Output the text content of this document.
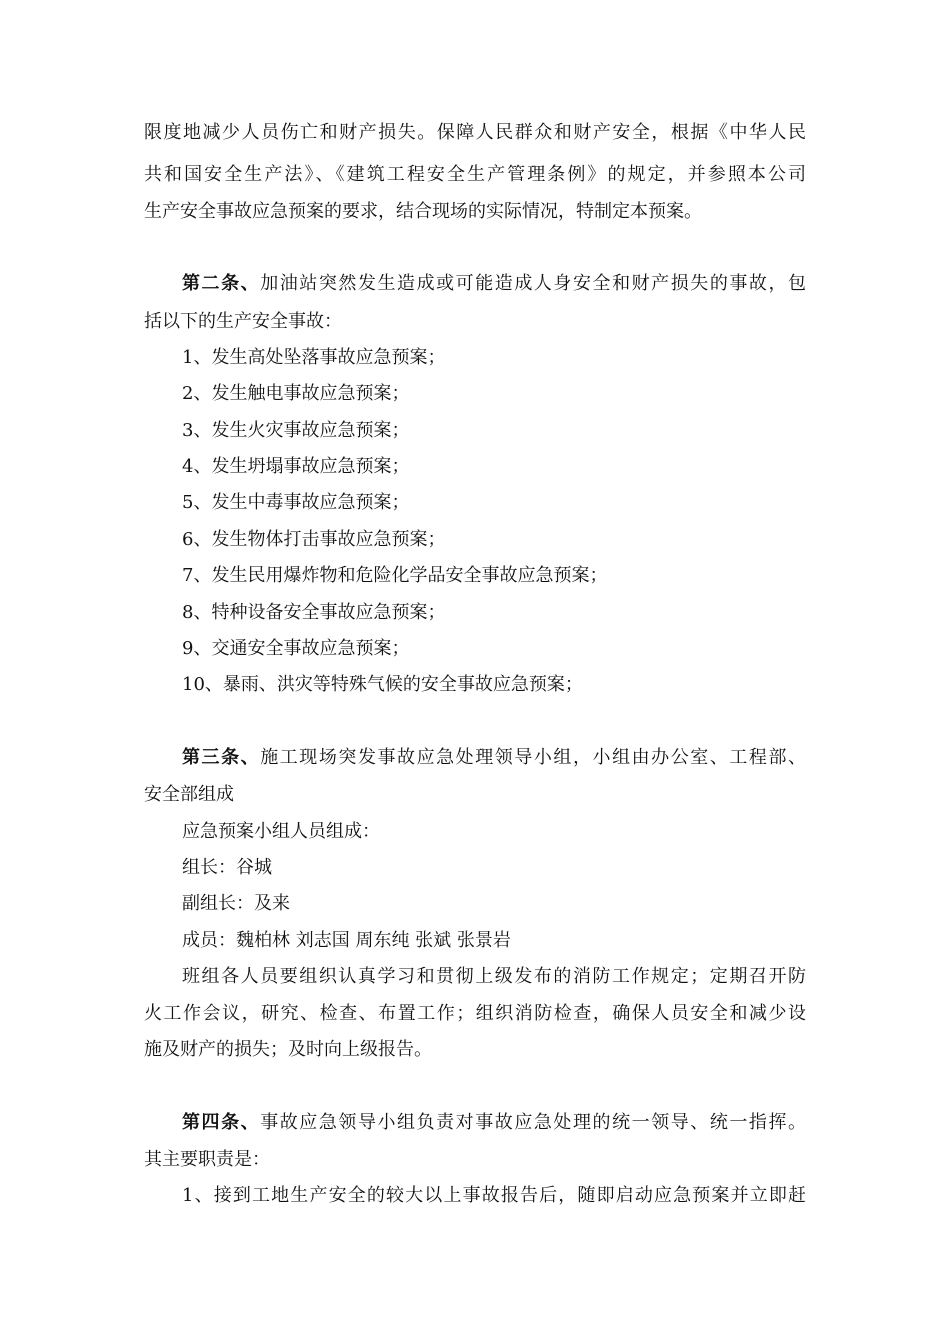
限度地减少人员伤亡和财产损失。保障人民群众和财产安全，根据《中华人民
共和国安全生产法》、《建筑工程安全生产管理条例》的规定，并参照本公司
生产安全事故应急预案的要求，结合现场的实际情况，特制定本预案。
第二条、加油站突然发生造成或可能造成人身安全和财产损失的事故，包
括以下的生产安全事故：
1、发生高处坠落事故应急预案；
2、发生触电事故应急预案；
3、发生火灾事故应急预案；
4、发生坍塌事故应急预案；
5、发生中毒事故应急预案；
6、发生物体打击事故应急预案；
7、发生民用爆炸物和危险化学品安全事故应急预案；
8、特种设备安全事故应急预案；
9、交通安全事故应急预案；
10、暴雨、洪灾等特殊气候的安全事故应急预案；
第三条、施工现场突发事故应急处理领导小组，小组由办公室、工程部、
安全部组成
应急预案小组人员组成：
组长：谷城
副组长：及来
成员：魏柏林 刘志国 周东纯 张斌 张景岩
班组各人员要组织认真学习和贯彻上级发布的消防工作规定；定期召开防
火工作会议，研究、检查、布置工作；组织消防检查，确保人员安全和减少设
施及财产的损失；及时向上级报告。
第四条、事故应急领导小组负责对事故应急处理的统一领导、统一指挥。
其主要职责是：
1、接到工地生产安全的较大以上事故报告后，随即启动应急预案并立即赶
